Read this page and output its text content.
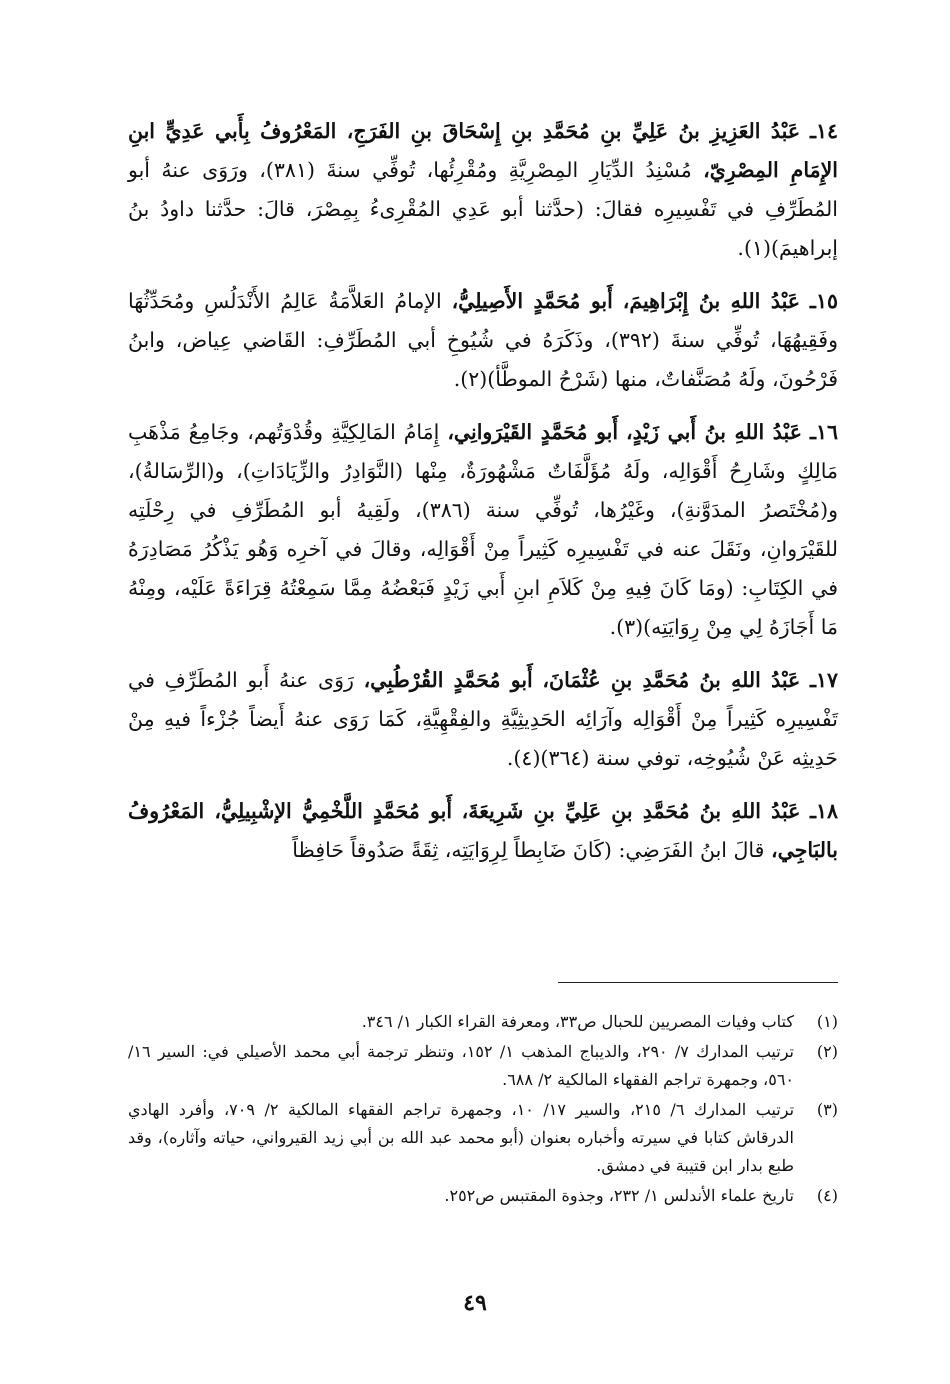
١٤ـ عَبْدُ العَزِيزِ بنُ عَلِيِّ بنِ مُحَمَّدِ بنِ إِسْحَاقَ بنِ الفَرَجِ، المَعْرُوفُ بِأَبي عَدِيٍّ ابنِ الإِمَامِ المِصْرِيّ، مُسْنِدُ الدِّيَارِ المِصْرِيَّةِ ومُقْرِئُها، تُوفِّي سنةَ (٣٨١)، ورَوَى عنهُ أبو المُطَرِّفِ في تَفْسِيرِه فقالَ: (حدَّثنا أبو عَدِي المُقْرِىءُ بِمِصْرَ، قالَ: حدَّثنا داودُ بنُ إبراهيمَ)(١).

١٥ـ عَبْدُ اللهِ بنُ إِبْرَاهِيمَ، أَبو مُحَمَّدٍ الأَصِيلِيُّ، الإمامُ العَلاَّمَةُ عَالِمُ الأَنْدَلُسِ ومُحَدِّثُهَا وفَقِيهُهَا، تُوفِّي سنةَ (٣٩٢)، وذَكَرَهُ في شُيُوخِ أبي المُطَرِّفِ: القَاضي عِياض، وابنُ فَرْحُونَ، ولَهُ مُصَنَّفاتٌ، منها (شَرْحُ الموطَّأ)(٢).

١٦ـ عَبْدُ اللهِ بنُ أَبي زَيْدٍ، أَبو مُحَمَّدٍ القَيْرَوانِي، إِمَامُ المَالِكِيَّةِ وقُدْوَتُهم، وجَامِعُ مَذْهَبِ مَالِكٍ وشَارِحُ أَقْوَالِه، ولَهُ مُؤَلَّفَاتٌ مَشْهُورَةٌ، مِنْها (النَّوَادِرُ والزِّيَادَاتِ)، و(الرِّسَالةُ)، و(مُخْتَصرُ المدَوَّنةِ)، وغَيْرُها، تُوفِّي سنة (٣٨٦)، ولَقِيهُ أبو المُطَرِّفِ في رِحْلَتِه للقَيْرَوانِ، ونَقَلَ عنه في تَفْسِيرِه كَثِيراً مِنْ أَقْوَالِه، وقالَ في آخرِه وَهُو يَذْكُرُ مَصَادِرَهُ في الكِتَابِ: (ومَا كَانَ فِيهِ مِنْ كَلاَمِ ابنِ أَبي زَيْدٍ فَبَعْضُهُ مِمَّا سَمِعْتُهُ قِرَاءَةً عَلَيْه، ومِنْهُ مَا أَجَازَهُ لِي مِنْ رِوَايَتِه)(٣).

١٧ـ عَبْدُ اللهِ بنُ مُحَمَّدِ بنِ عُثْمَانَ، أَبو مُحَمَّدٍ القُرْطُبِي، رَوَى عنهُ أَبو المُطَرِّفِ في تَفْسِيرِه كَثِيراً مِنْ أَقْوَالِه وآرَائِه الحَدِيثِيَّةِ والفِقْهِيَّةِ، كَمَا رَوَى عنهُ أَيضاً جُزْءاً فيهِ مِنْ حَدِيثِه عَنْ شُيُوخِه، توفي سنة (٣٦٤)(٤).

١٨ـ عَبْدُ اللهِ بنُ مُحَمَّدِ بنِ عَلِيِّ بنِ شَرِيعَةَ، أَبو مُحَمَّدٍ اللَّخْمِيُّ الإشْبِيلِيُّ، المَعْرُوفُ بالبَاجِي، قالَ ابنُ الفَرَضِي: (كَانَ ضَابِطاً لِرِوَايَتِه، ثِقَةً صَدُوقاً حَافِظاً

(١)
كتاب وفيات المصريين للحبال ص٣٣، ومعرفة القراء الكبار ١/ ٣٤٦.
(٢)
ترتيب المدارك ٧/ ٢٩٠، والديباج المذهب ١/ ١٥٢، وتنظر ترجمة أبي محمد الأصيلي في: السير ١٦/ ٥٦٠، وجمهرة تراجم الفقهاء المالكية ٢/ ٦٨٨.
(٣)
ترتيب المدارك ٦/ ٢١٥، والسير ١٧/ ١٠، وجمهرة تراجم الفقهاء المالكية ٢/ ٧٠٩، وأفرد الهادي الدرقاش كتابا في سيرته وأخباره بعنوان (أبو محمد عبد الله بن أبي زيد القيرواني، حياته وآثاره)، وقد طبع بدار ابن قتيبة في دمشق.
(٤)
تاريخ علماء الأندلس ١/ ٢٣٢، وجذوة المقتبس ص٢٥٢.
٤٩
